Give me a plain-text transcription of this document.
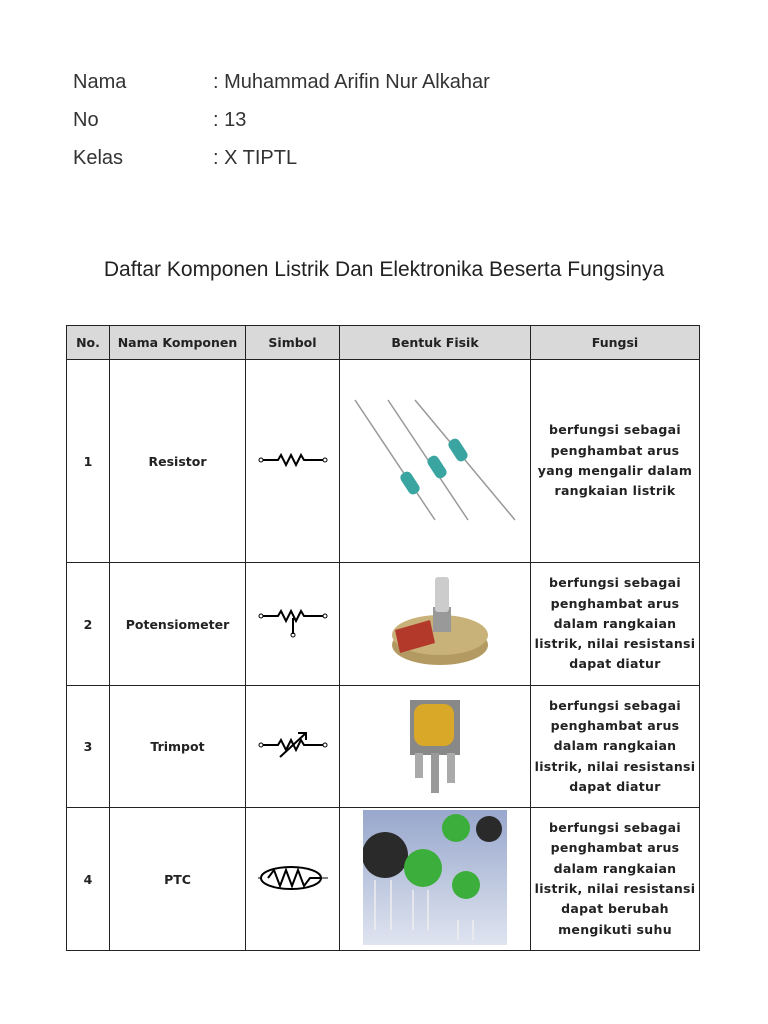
Nama	: Muhammad Arifin Nur Alkahar
No	: 13
Kelas	: X TIPTL
Daftar Komponen Listrik Dan Elektronika Beserta Fungsinya
No.	Nama Komponen	Simbol	Bentuk Fisik	Fungsi
1	Resistor			berfungsi sebagai penghambat arus yang mengalir dalam rangkaian listrik
2	Potensiometer			berfungsi sebagai penghambat arus dalam rangkaian listrik, nilai resistansi dapat diatur
3	Trimpot			berfungsi sebagai penghambat arus dalam rangkaian listrik, nilai resistansi dapat diatur
4	PTC			berfungsi sebagai penghambat arus dalam rangkaian listrik, nilai resistansi dapat berubah mengikuti suhu
